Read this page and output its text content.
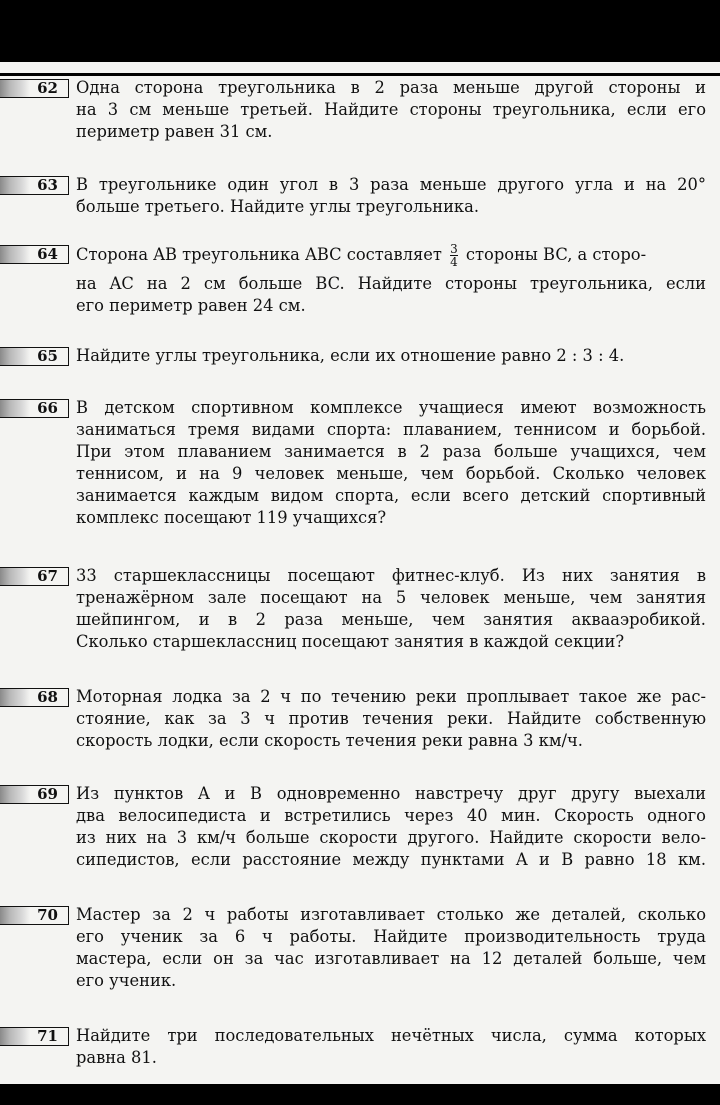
62	Одна сторона треугольника в 2 раза меньше другой стороны и
на 3 см меньше третьей. Найдите стороны треугольника, если его
периметр равен 31 см.
63	В треугольнике один угол в 3 раза меньше другого угла и на 20°
больше третьего. Найдите углы треугольника.
64	Сторона AB треугольника ABC составляет $\frac{3}{4}$ стороны BC, а сторо-
на AC на 2 см больше BC. Найдите стороны треугольника, если
его периметр равен 24 см.
65	Найдите углы треугольника, если их отношение равно 2 : 3 : 4.
66	В детском спортивном комплексе учащиеся имеют возможность
заниматься тремя видами спорта: плаванием, теннисом и борьбой.
При этом плаванием занимается в 2 раза больше учащихся, чем
теннисом, и на 9 человек меньше, чем борьбой. Сколько человек
занимается каждым видом спорта, если всего детский спортивный
комплекс посещают 119 учащихся?
67	33 старшеклассницы посещают фитнес-клуб. Из них занятия в
тренажёрном зале посещают на 5 человек меньше, чем занятия
шейпингом, и в 2 раза меньше, чем занятия аквааэробикой.
Сколько старшеклассниц посещают занятия в каждой секции?
68	Моторная лодка за 2 ч по течению реки проплывает такое же рас-
стояние, как за 3 ч против течения реки. Найдите собственную
скорость лодки, если скорость течения реки равна 3 км/ч.
69	Из пунктов A и B одновременно навстречу друг другу выехали
два велосипедиста и встретились через 40 мин. Скорость одного
из них на 3 км/ч больше скорости другого. Найдите скорости вело-
сипедистов, если расстояние между пунктами A и B равно 18 км.
70	Мастер за 2 ч работы изготавливает столько же деталей, сколько
его ученик за 6 ч работы. Найдите производительность труда
мастера, если он за час изготавливает на 12 деталей больше, чем
его ученик.
71	Найдите три последовательных нечётных числа, сумма которых
равна 81.
